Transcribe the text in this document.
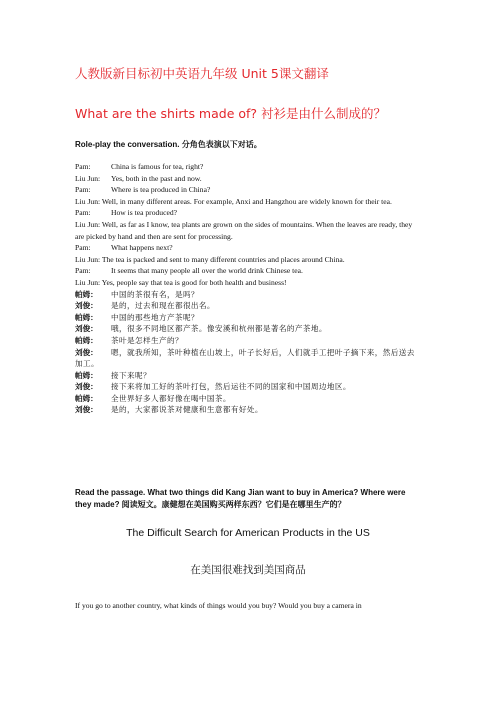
人教版新目标初中英语九年级 Unit 5课文翻译
What are the shirts made of? 衬衫是由什么制成的？
Role-play the conversation. 分角色表演以下对话。
Pam:	China is famous for tea, right?
Liu Jun:	Yes, both in the past and now.
Pam:	Where is tea produced in China?
Liu Jun: Well, in many different areas. For example, Anxi and Hangzhou are widely known for their tea.
Pam:	How is tea produced?
Liu Jun: Well, as far as I know, tea plants are grown on the sides of mountains. When the leaves are ready, they are picked by hand and then are sent for processing.
Pam:	What happens next?
Liu Jun: The tea is packed and sent to many different countries and places around China.
Pam:	It seems that many people all over the world drink Chinese tea.
Liu Jun: Yes, people say that tea is good for both health and business!
帕姆：	中国的茶很有名，是吗？
刘俊：	是的，过去和现在都很出名。
帕姆：	中国的那些地方产茶呢？
刘俊：	哦，很多不同地区都产茶。像安溪和杭州都是著名的产茶地。
帕姆：	茶叶是怎样生产的？
刘俊： 嗯，就我所知，茶叶种植在山坡上，叶子长好后，人们就手工把叶子摘下来，然后送去加工。
帕姆：	接下来呢？
刘俊：	接下来将加工好的茶叶打包，然后运往不同的国家和中国周边地区。
帕姆：	全世界好多人都好像在喝中国茶。
刘俊：	是的，大家都说茶对健康和生意都有好处。
Read the passage. What two things did Kang Jian want to buy in America? Where were they made? 阅读短文。康健想在美国购买两样东西？它们是在哪里生产的？
The Difficult Search for American Products in the US
在美国很难找到美国商品
If you go to another country, what kinds of things would you buy? Would you buy a camera in
